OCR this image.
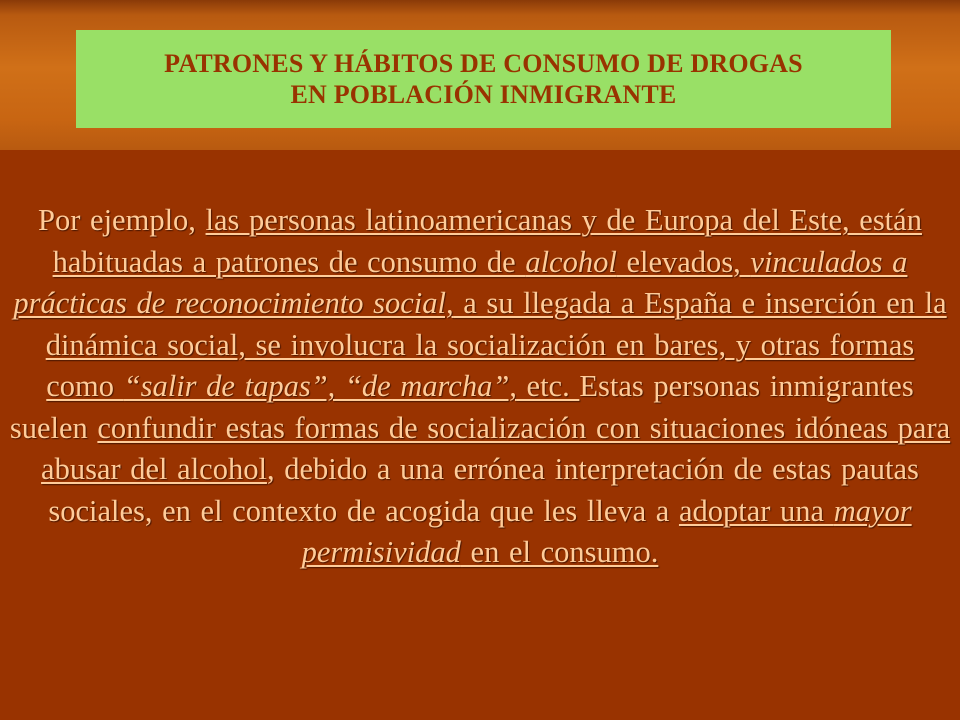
PATRONES Y HÁBITOS DE CONSUMO DE DROGAS
EN POBLACIÓN INMIGRANTE

Por ejemplo, las personas latinoamericanas y de Europa del Este, están habituadas a patrones de consumo de alcohol elevados, vinculados a prácticas de reconocimiento social, a su llegada a España e inserción en la dinámica social, se involucra la socialización en bares, y otras formas como “salir de tapas”, “de marcha”, etc. Estas personas inmigrantes suelen confundir estas formas de socialización con situaciones idóneas para abusar del alcohol, debido a una errónea interpretación de estas pautas sociales, en el contexto de acogida que les lleva a adoptar una mayor permisividad en el consumo.
